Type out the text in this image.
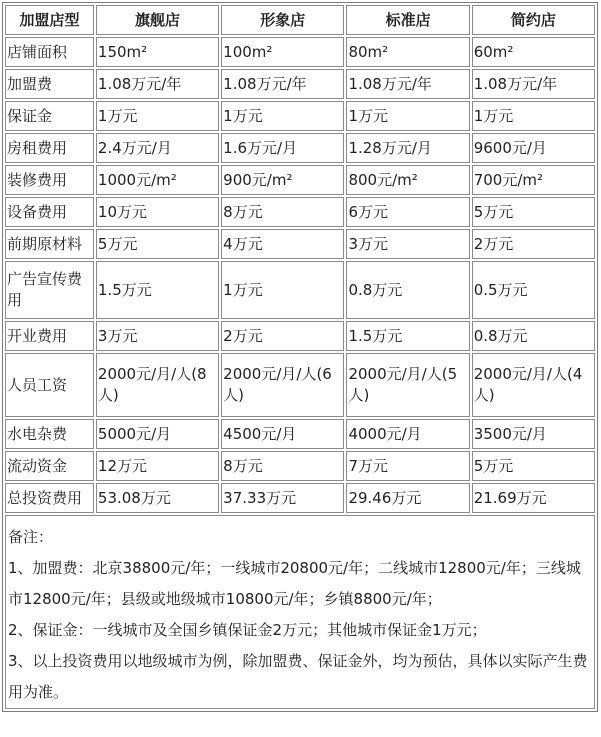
加盟店型	旗舰店	形象店	标准店	简约店
店铺面积	150m²	100m²	80m²	60m²
加盟费	1.08万元/年	1.08万元/年	1.08万元/年	1.08万元/年
保证金	1万元	1万元	1万元	1万元
房租费用	2.4万元/月	1.6万元/月	1.28万元/月	9600元/月
装修费用	1000元/m²	900元/m²	800元/m²	700元/m²
设备费用	10万元	8万元	6万元	5万元
前期原材料	5万元	4万元	3万元	2万元
广告宣传费用	1.5万元	1万元	0.8万元	0.5万元
开业费用	3万元	2万元	1.5万元	0.8万元
人员工资	2000元/月/人(8人)	2000元/月/人(6人)	2000元/月/人(5人)	2000元/月/人(4人)
水电杂费	5000元/月	4500元/月	4000元/月	3500元/月
流动资金	12万元	8万元	7万元	5万元
总投资费用	53.08万元	37.33万元	29.46万元	21.69万元

备注：
1、加盟费：北京38800元/年；一线城市20800元/年；二线城市12800元/年；三线城市12800元/年；县级或地级城市10800元/年；乡镇8800元/年；
2、保证金：一线城市及全国乡镇保证金2万元；其他城市保证金1万元；
3、以上投资费用以地级城市为例，除加盟费、保证金外，均为预估，具体以实际产生费用为准。				
